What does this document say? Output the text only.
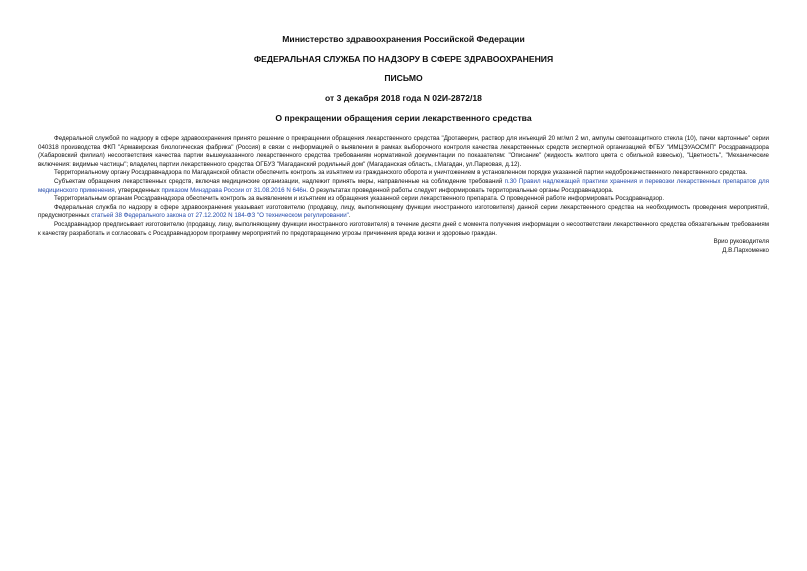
Министерство здравоохранения Российской Федерации
ФЕДЕРАЛЬНАЯ СЛУЖБА ПО НАДЗОРУ В СФЕРЕ ЗДРАВООХРАНЕНИЯ
ПИСЬМО
от 3 декабря 2018 года N 02И-2872/18
О прекращении обращения серии лекарственного средства

Федеральной службой по надзору в сфере здравоохранения принято решение о прекращении обращения лекарственного средства "Дротаверин, раствор для инъекций 20 мг/мл 2 мл, ампулы светозащитного стекла (10), пачки картонные" серии 040318 производства ФКП "Армавирская биологическая фабрика" (Россия) в связи с информацией о выявлении в рамках выборочного контроля качества лекарственных средств экспертной организацией ФГБУ "ИМЦЭУАОСМП" Росздравнадзора (Хабаровский филиал) несоответствия качества партии вышеуказанного лекарственного средства требованиям нормативной документации по показателям: "Описание" (жидкость желтого цвета с обильной взвесью), "Цветность", "Механические включения: видимые частицы"; владелец партии лекарственного средства ОГБУЗ "Магаданский родильный дом" (Магаданская область, г.Магадан, ул.Парковая, д.12).

Территориальному органу Росздравнадзора по Магаданской области обеспечить контроль за изъятием из гражданского оборота и уничтожением в установленном порядке указанной партии недоброкачественного лекарственного средства.

Субъектам обращения лекарственных средств, включая медицинские организации, надлежит принять меры, направленные на соблюдение требований п.30 Правил надлежащей практики хранения и перевозки лекарственных препаратов для медицинского применения, утвержденных приказом Минздрава России от 31.08.2016 N 646н. О результатах проведенной работы следует информировать территориальные органы Росздравнадзора.

Территориальным органам Росздравнадзора обеспечить контроль за выявлением и изъятием из обращения указанной серии лекарственного препарата. О проведенной работе информировать Росздравнадзор.

Федеральная служба по надзору в сфере здравоохранения указывает изготовителю (продавцу, лицу, выполняющему функции иностранного изготовителя) данной серии лекарственного средства на необходимость проведения мероприятий, предусмотренных статьей 38 Федерального закона от 27.12.2002 N 184-ФЗ "О техническом регулировании".

Росздравнадзор предписывает изготовителю (продавцу, лицу, выполняющему функции иностранного изготовителя) в течение десяти дней с момента получения информации о несоответствии лекарственного средства обязательным требованиям к качеству разработать и согласовать с Росздравнадзором программу мероприятий по предотвращению угрозы причинения вреда жизни и здоровью граждан.

Врио руководителя
Д.В.Пархоменко
